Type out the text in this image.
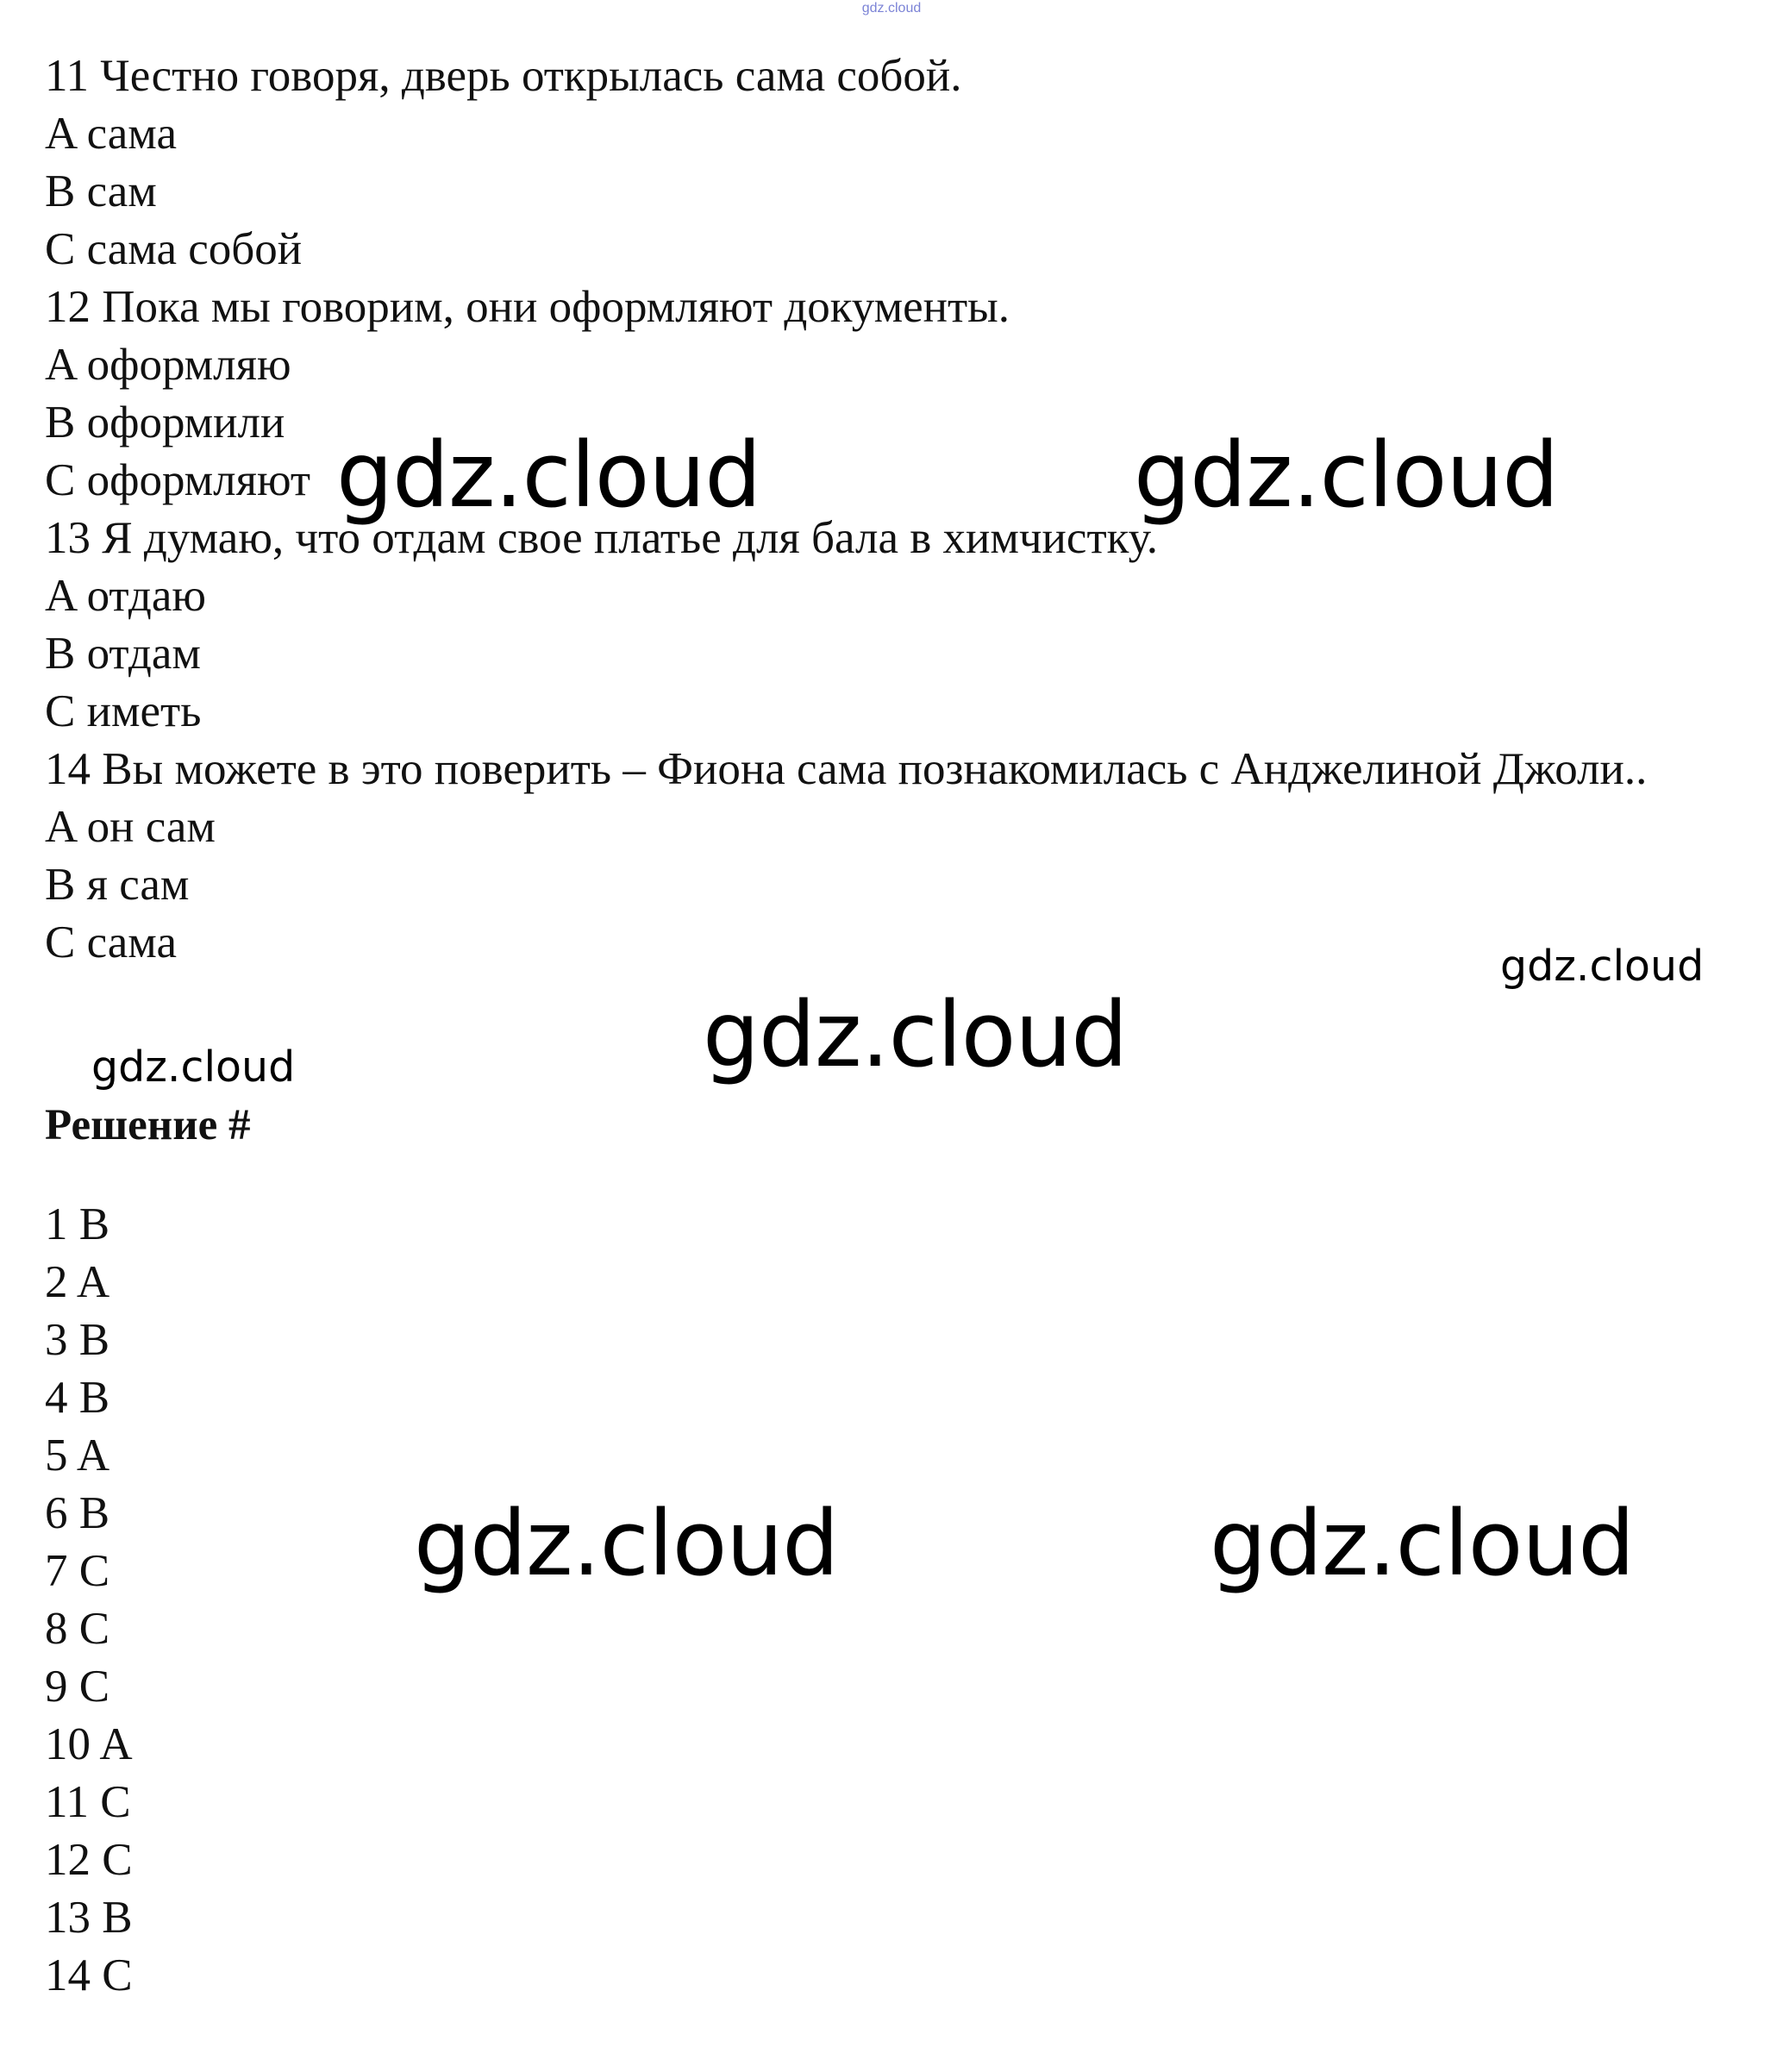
gdz.cloud
11 Честно говоря, дверь открылась сама собой.
A сама
B сам
C сама собой
12 Пока мы говорим, они оформляют документы.
A оформляю
B оформили
C оформляют
13 Я думаю, что отдам свое платье для бала в химчистку.
A отдаю
B отдам
C иметь
14 Вы можете в это поверить – Фиона сама познакомилась с Анджелиной Джоли..
A он сам
B я сам
C сама
Решение #
1 B
2 A
3 B
4 B
5 A
6 B
7 C
8 C
9 C
10 A
11 C
12 C
13 B
14 C
gdz.cloud	gdz.cloud
gdz.cloud
gdz.cloud	gdz.cloud
gdz.cloud	gdz.cloud
